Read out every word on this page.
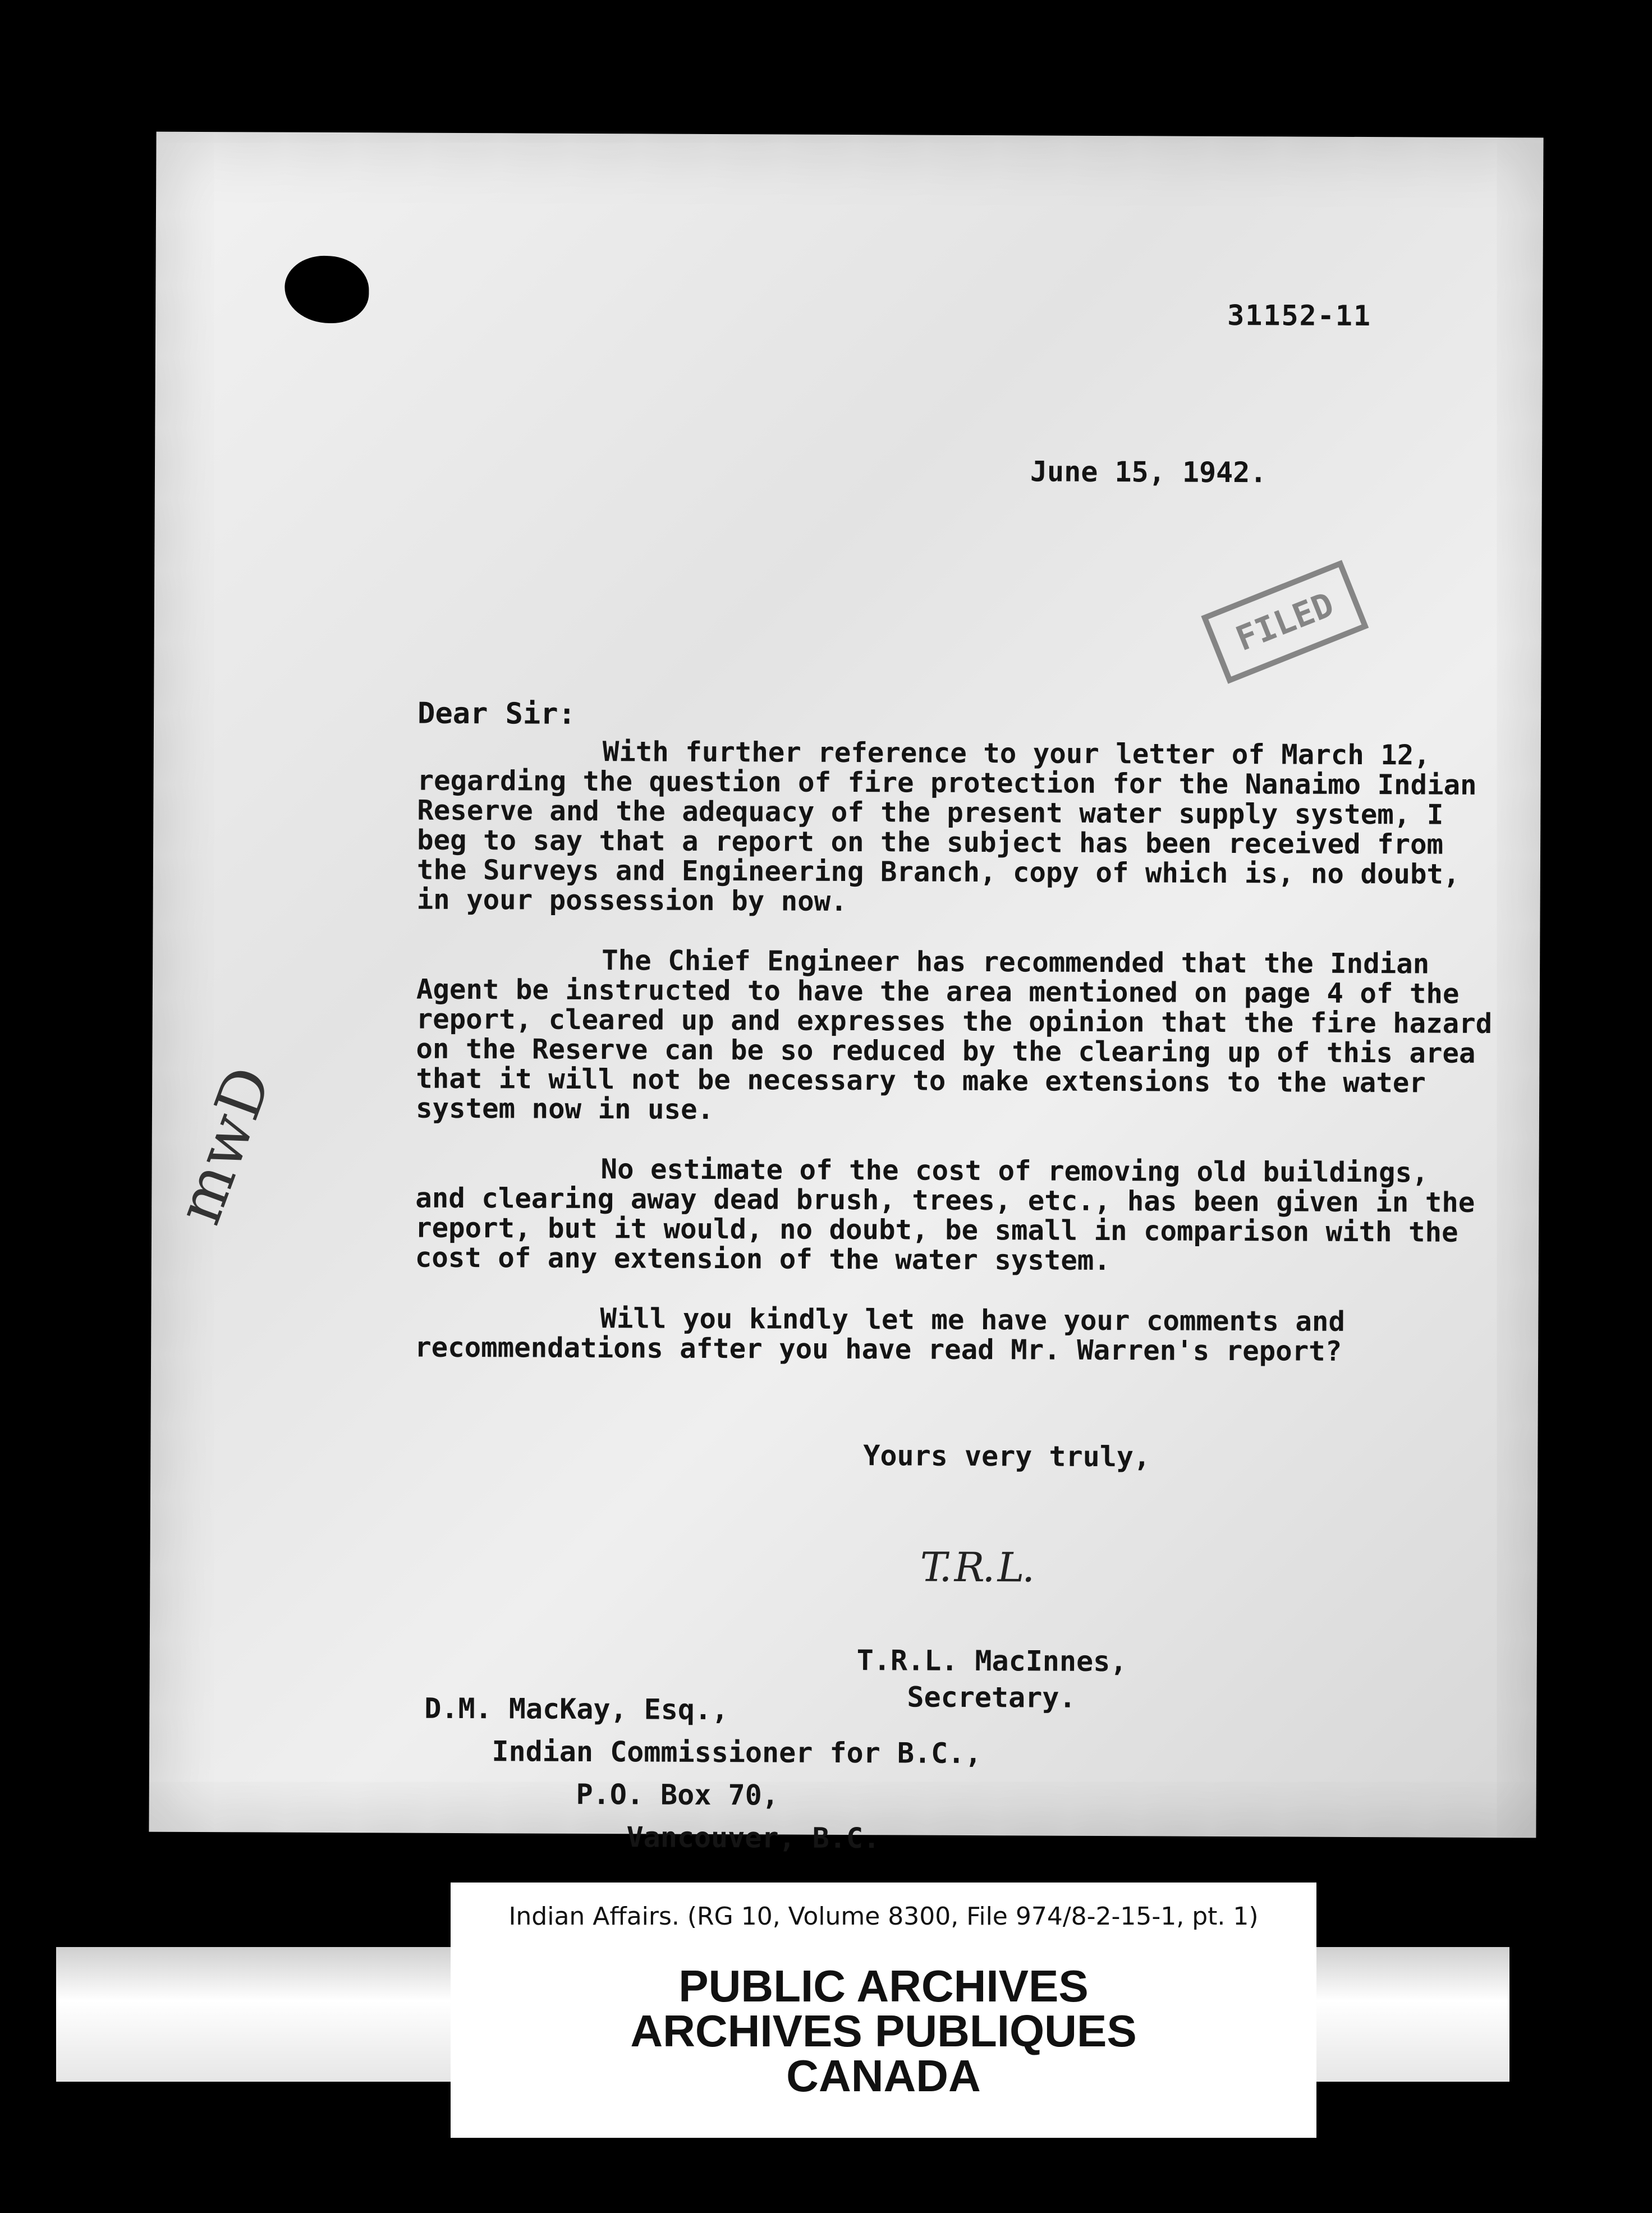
31152-11
June 15, 1942.
FILED
Dear Sir:

With further reference to your letter of March 12, regarding the question of fire protection for the Nanaimo Indian Reserve and the adequacy of the present water supply system, I beg to say that a report on the subject has been received from the Surveys and Engineering Branch, copy of which is, no doubt, in your possession by now.

The Chief Engineer has recommended that the Indian Agent be instructed to have the area mentioned on page 4 of the report, cleared up and expresses the opinion that the fire hazard on the Reserve can be so reduced by the clearing up of this area that it will not be necessary to make extensions to the water system now in use.

No estimate of the cost of removing old buildings, and clearing away dead brush, trees, etc., has been given in the report, but it would, no doubt, be small in comparison with the cost of any extension of the water system.

Will you kindly let me have your comments and recommendations after you have read Mr. Warren's report?

Yours very truly,
T.R.L.
T.R.L. MacInnes,
Secretary.
D.M. MacKay, Esq.,
Indian Commissioner for B.C.,
P.O. Box 70,
Vancouver, B.C.
mwD
Indian Affairs. (RG 10, Volume 8300, File 974/8-2-15-1, pt. 1)
PUBLIC ARCHIVES
ARCHIVES PUBLIQUES
CANADA
